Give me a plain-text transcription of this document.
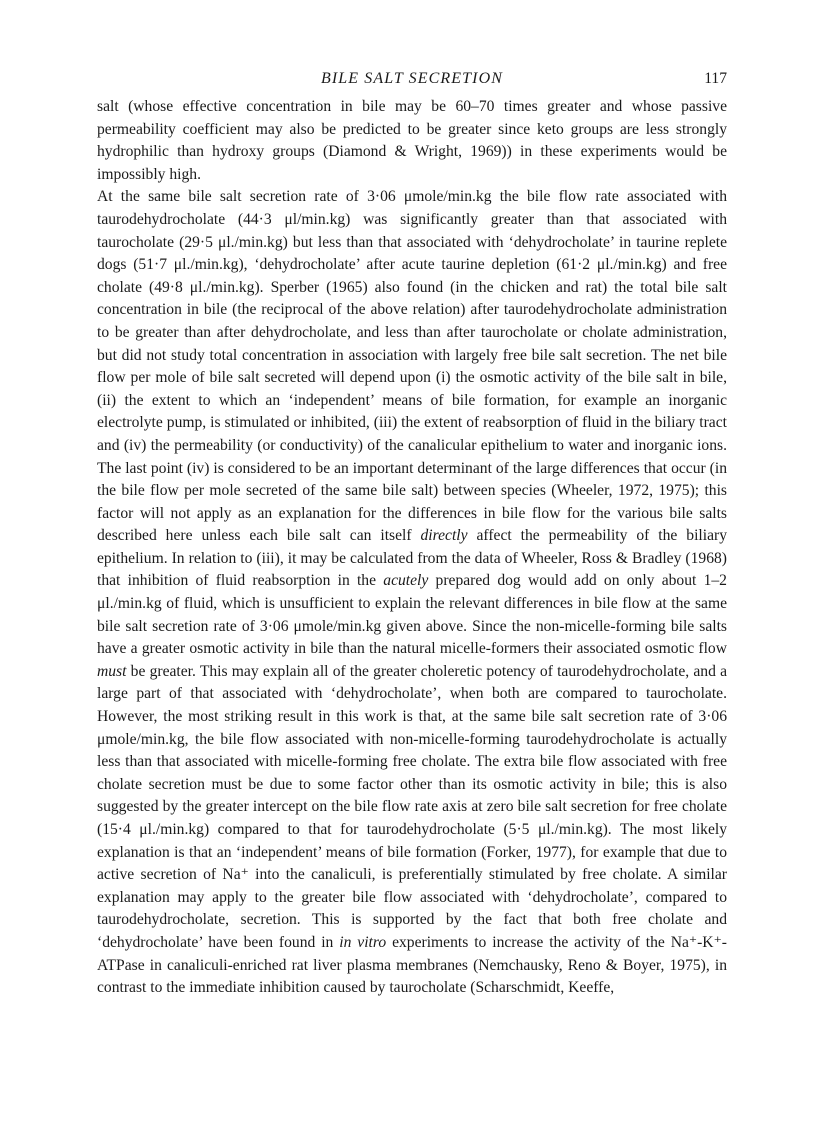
BILE SALT SECRETION	117

salt (whose effective concentration in bile may be 60–70 times greater and whose passive permeability coefficient may also be predicted to be greater since keto groups are less strongly hydrophilic than hydroxy groups (Diamond & Wright, 1969)) in these experiments would be impossibly high.

At the same bile salt secretion rate of 3·06 μmole/min.kg the bile flow rate associated with taurodehydrocholate (44·3 μl/min.kg) was significantly greater than that associated with taurocholate (29·5 μl./min.kg) but less than that associated with ‘dehydrocholate’ in taurine replete dogs (51·7 μl./min.kg), ‘dehydrocholate’ after acute taurine depletion (61·2 μl./min.kg) and free cholate (49·8 μl./min.kg). Sperber (1965) also found (in the chicken and rat) the total bile salt concentration in bile (the reciprocal of the above relation) after taurodehydrocholate administration to be greater than after dehydrocholate, and less than after taurocholate or cholate administration, but did not study total concentration in association with largely free bile salt secretion. The net bile flow per mole of bile salt secreted will depend upon (i) the osmotic activity of the bile salt in bile, (ii) the extent to which an ‘independent’ means of bile formation, for example an inorganic electrolyte pump, is stimulated or inhibited, (iii) the extent of reabsorption of fluid in the biliary tract and (iv) the permeability (or conductivity) of the canalicular epithelium to water and inorganic ions. The last point (iv) is considered to be an important determinant of the large differences that occur (in the bile flow per mole secreted of the same bile salt) between species (Wheeler, 1972, 1975); this factor will not apply as an explanation for the differences in bile flow for the various bile salts described here unless each bile salt can itself directly affect the permeability of the biliary epithelium. In relation to (iii), it may be calculated from the data of Wheeler, Ross & Bradley (1968) that inhibition of fluid reabsorption in the acutely prepared dog would add on only about 1–2 μl./min.kg of fluid, which is unsufficient to explain the relevant differences in bile flow at the same bile salt secretion rate of 3·06 μmole/min.kg given above. Since the non-micelle-forming bile salts have a greater osmotic activity in bile than the natural micelle-formers their associated osmotic flow must be greater. This may explain all of the greater choleretic potency of taurodehydrocholate, and a large part of that associated with ‘dehydrocholate’, when both are compared to taurocholate. However, the most striking result in this work is that, at the same bile salt secretion rate of 3·06 μmole/min.kg, the bile flow associated with non-micelle-forming taurodehydrocholate is actually less than that associated with micelle-forming free cholate. The extra bile flow associated with free cholate secretion must be due to some factor other than its osmotic activity in bile; this is also suggested by the greater intercept on the bile flow rate axis at zero bile salt secretion for free cholate (15·4 μl./min.kg) compared to that for taurodehydrocholate (5·5 μl./min.kg). The most likely explanation is that an ‘independent’ means of bile formation (Forker, 1977), for example that due to active secretion of Na⁺ into the canaliculi, is preferentially stimulated by free cholate. A similar explanation may apply to the greater bile flow associated with ‘dehydrocholate’, compared to taurodehydrocholate, secretion. This is supported by the fact that both free cholate and ‘dehydrocholate’ have been found in in vitro experiments to increase the activity of the Na⁺-K⁺-ATPase in canaliculi-enriched rat liver plasma membranes (Nemchausky, Reno & Boyer, 1975), in contrast to the immediate inhibition caused by taurocholate (Scharschmidt, Keeffe,
